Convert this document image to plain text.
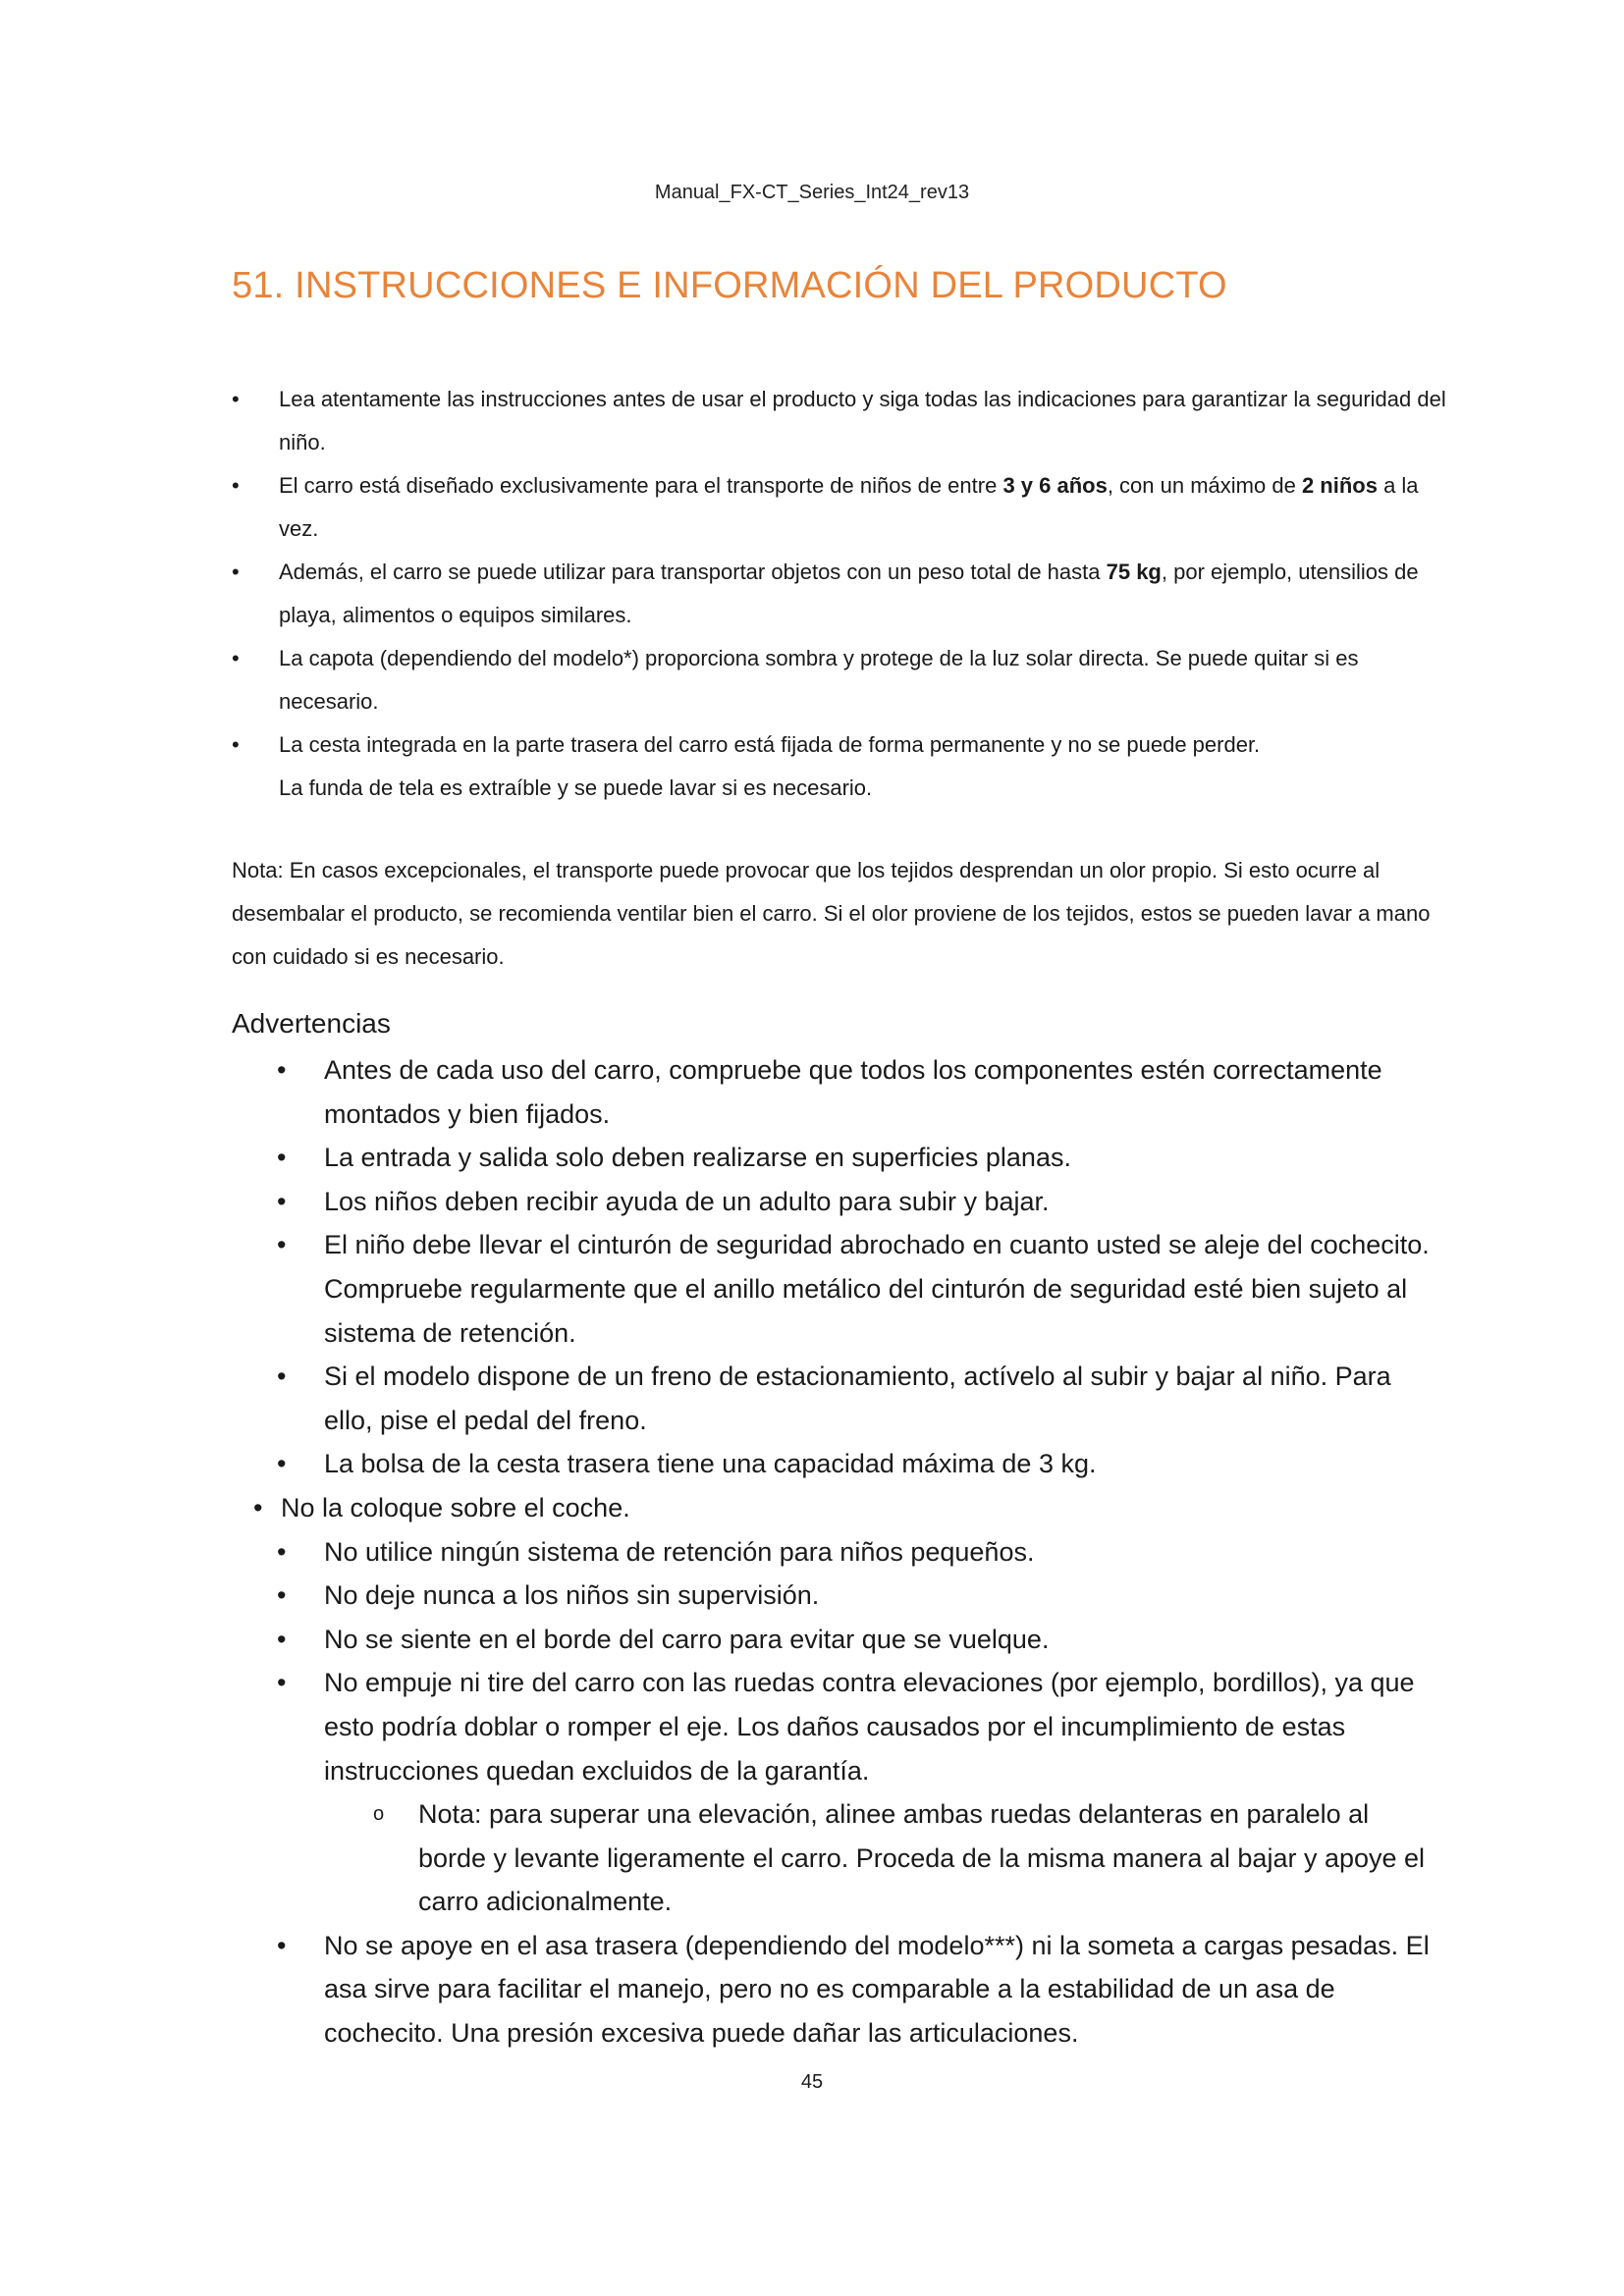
Manual_FX-CT_Series_Int24_rev13
51. INSTRUCCIONES E INFORMACIÓN DEL PRODUCTO
• Lea atentamente las instrucciones antes de usar el producto y siga todas las indicaciones para garantizar la seguridad del niño.
• El carro está diseñado exclusivamente para el transporte de niños de entre 3 y 6 años, con un máximo de 2 niños a la vez.
• Además, el carro se puede utilizar para transportar objetos con un peso total de hasta 75 kg, por ejemplo, utensilios de playa, alimentos o equipos similares.
• La capota (dependiendo del modelo*) proporciona sombra y protege de la luz solar directa. Se puede quitar si es necesario.
• La cesta integrada en la parte trasera del carro está fijada de forma permanente y no se puede perder.
La funda de tela es extraíble y se puede lavar si es necesario.

Nota: En casos excepcionales, el transporte puede provocar que los tejidos desprendan un olor propio. Si esto ocurre al desembalar el producto, se recomienda ventilar bien el carro. Si el olor proviene de los tejidos, estos se pueden lavar a mano con cuidado si es necesario.

Advertencias
• Antes de cada uso del carro, compruebe que todos los componentes estén correctamente montados y bien fijados.
• La entrada y salida solo deben realizarse en superficies planas.
• Los niños deben recibir ayuda de un adulto para subir y bajar.
• El niño debe llevar el cinturón de seguridad abrochado en cuanto usted se aleje del cochecito. Compruebe regularmente que el anillo metálico del cinturón de seguridad esté bien sujeto al sistema de retención.
• Si el modelo dispone de un freno de estacionamiento, actívelo al subir y bajar al niño. Para ello, pise el pedal del freno.
• La bolsa de la cesta trasera tiene una capacidad máxima de 3 kg.
• No la coloque sobre el coche.
• No utilice ningún sistema de retención para niños pequeños.
• No deje nunca a los niños sin supervisión.
• No se siente en el borde del carro para evitar que se vuelque.
• No empuje ni tire del carro con las ruedas contra elevaciones (por ejemplo, bordillos), ya que esto podría doblar o romper el eje. Los daños causados por el incumplimiento de estas instrucciones quedan excluidos de la garantía.
o Nota: para superar una elevación, alinee ambas ruedas delanteras en paralelo al borde y levante ligeramente el carro. Proceda de la misma manera al bajar y apoye el carro adicionalmente.
• No se apoye en el asa trasera (dependiendo del modelo***) ni la someta a cargas pesadas. El asa sirve para facilitar el manejo, pero no es comparable a la estabilidad de un asa de cochecito. Una presión excesiva puede dañar las articulaciones.
45
